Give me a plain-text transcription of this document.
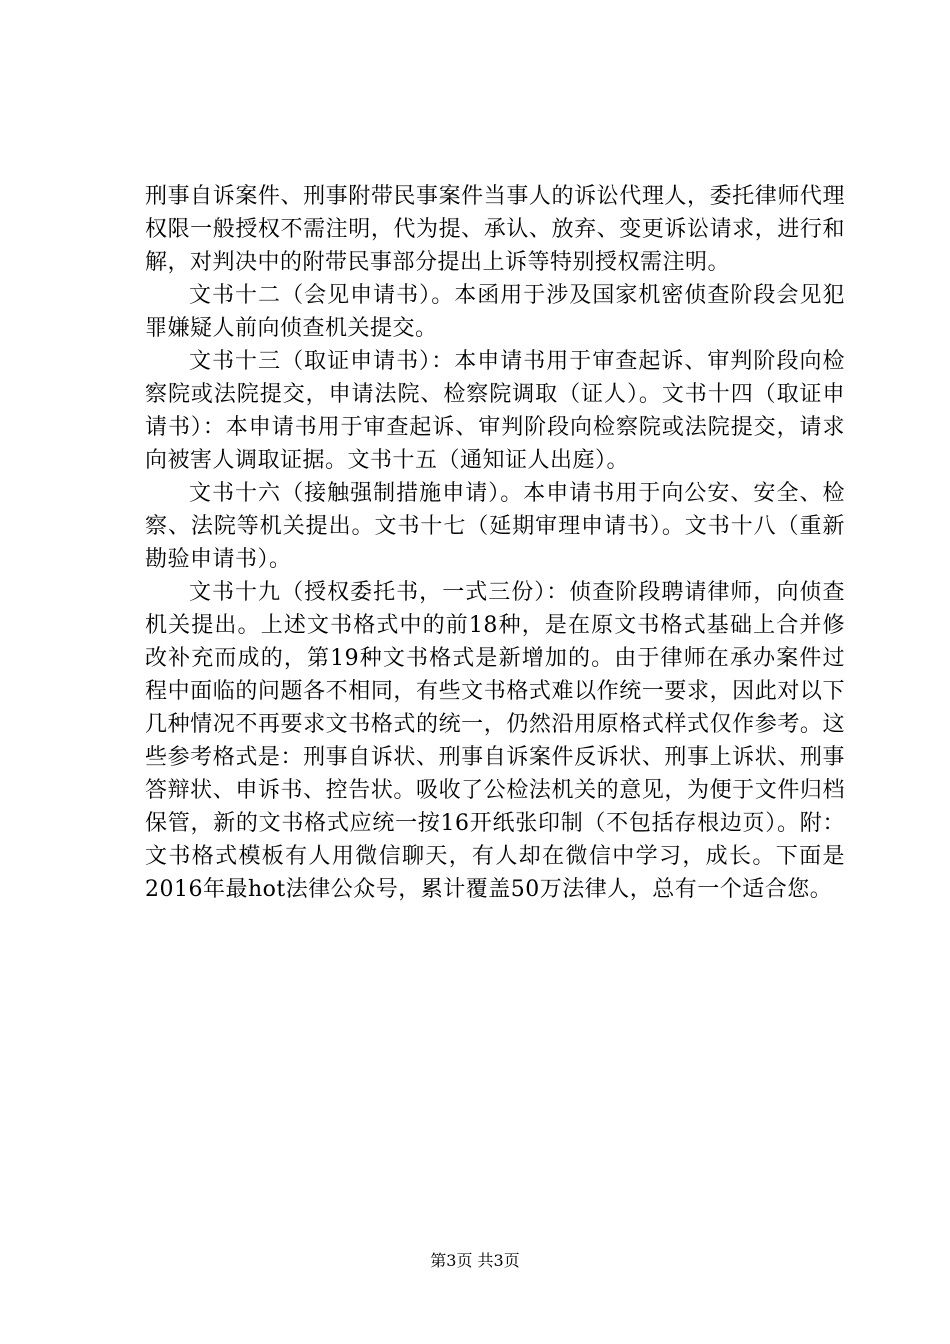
刑事自诉案件、刑事附带民事案件当事人的诉讼代理人，委托律师代理权限一般授权不需注明，代为提、承认、放弃、变更诉讼请求，进行和解，对判决中的附带民事部分提出上诉等特别授权需注明。

文书十二（会见申请书）。本函用于涉及国家机密侦查阶段会见犯罪嫌疑人前向侦查机关提交。

文书十三（取证申请书）：本申请书用于审查起诉、审判阶段向检察院或法院提交，申请法院、检察院调取（证人）。文书十四（取证申请书）：本申请书用于审查起诉、审判阶段向检察院或法院提交，请求向被害人调取证据。文书十五（通知证人出庭）。

文书十六（接触强制措施申请）。本申请书用于向公安、安全、检察、法院等机关提出。文书十七（延期审理申请书）。文书十八（重新勘验申请书）。

文书十九（授权委托书，一式三份）：侦查阶段聘请律师，向侦查机关提出。上述文书格式中的前18种，是在原文书格式基础上合并修改补充而成的，第19种文书格式是新增加的。由于律师在承办案件过程中面临的问题各不相同，有些文书格式难以作统一要求，因此对以下几种情况不再要求文书格式的统一，仍然沿用原格式样式仅作参考。这些参考格式是：刑事自诉状、刑事自诉案件反诉状、刑事上诉状、刑事答辩状、申诉书、控告状。吸收了公检法机关的意见，为便于文件归档保管，新的文书格式应统一按16开纸张印制（不包括存根边页）。附：文书格式模板有人用微信聊天，有人却在微信中学习，成长。下面是2016年最hot法律公众号，累计覆盖50万法律人，总有一个适合您。

第3页 共3页
